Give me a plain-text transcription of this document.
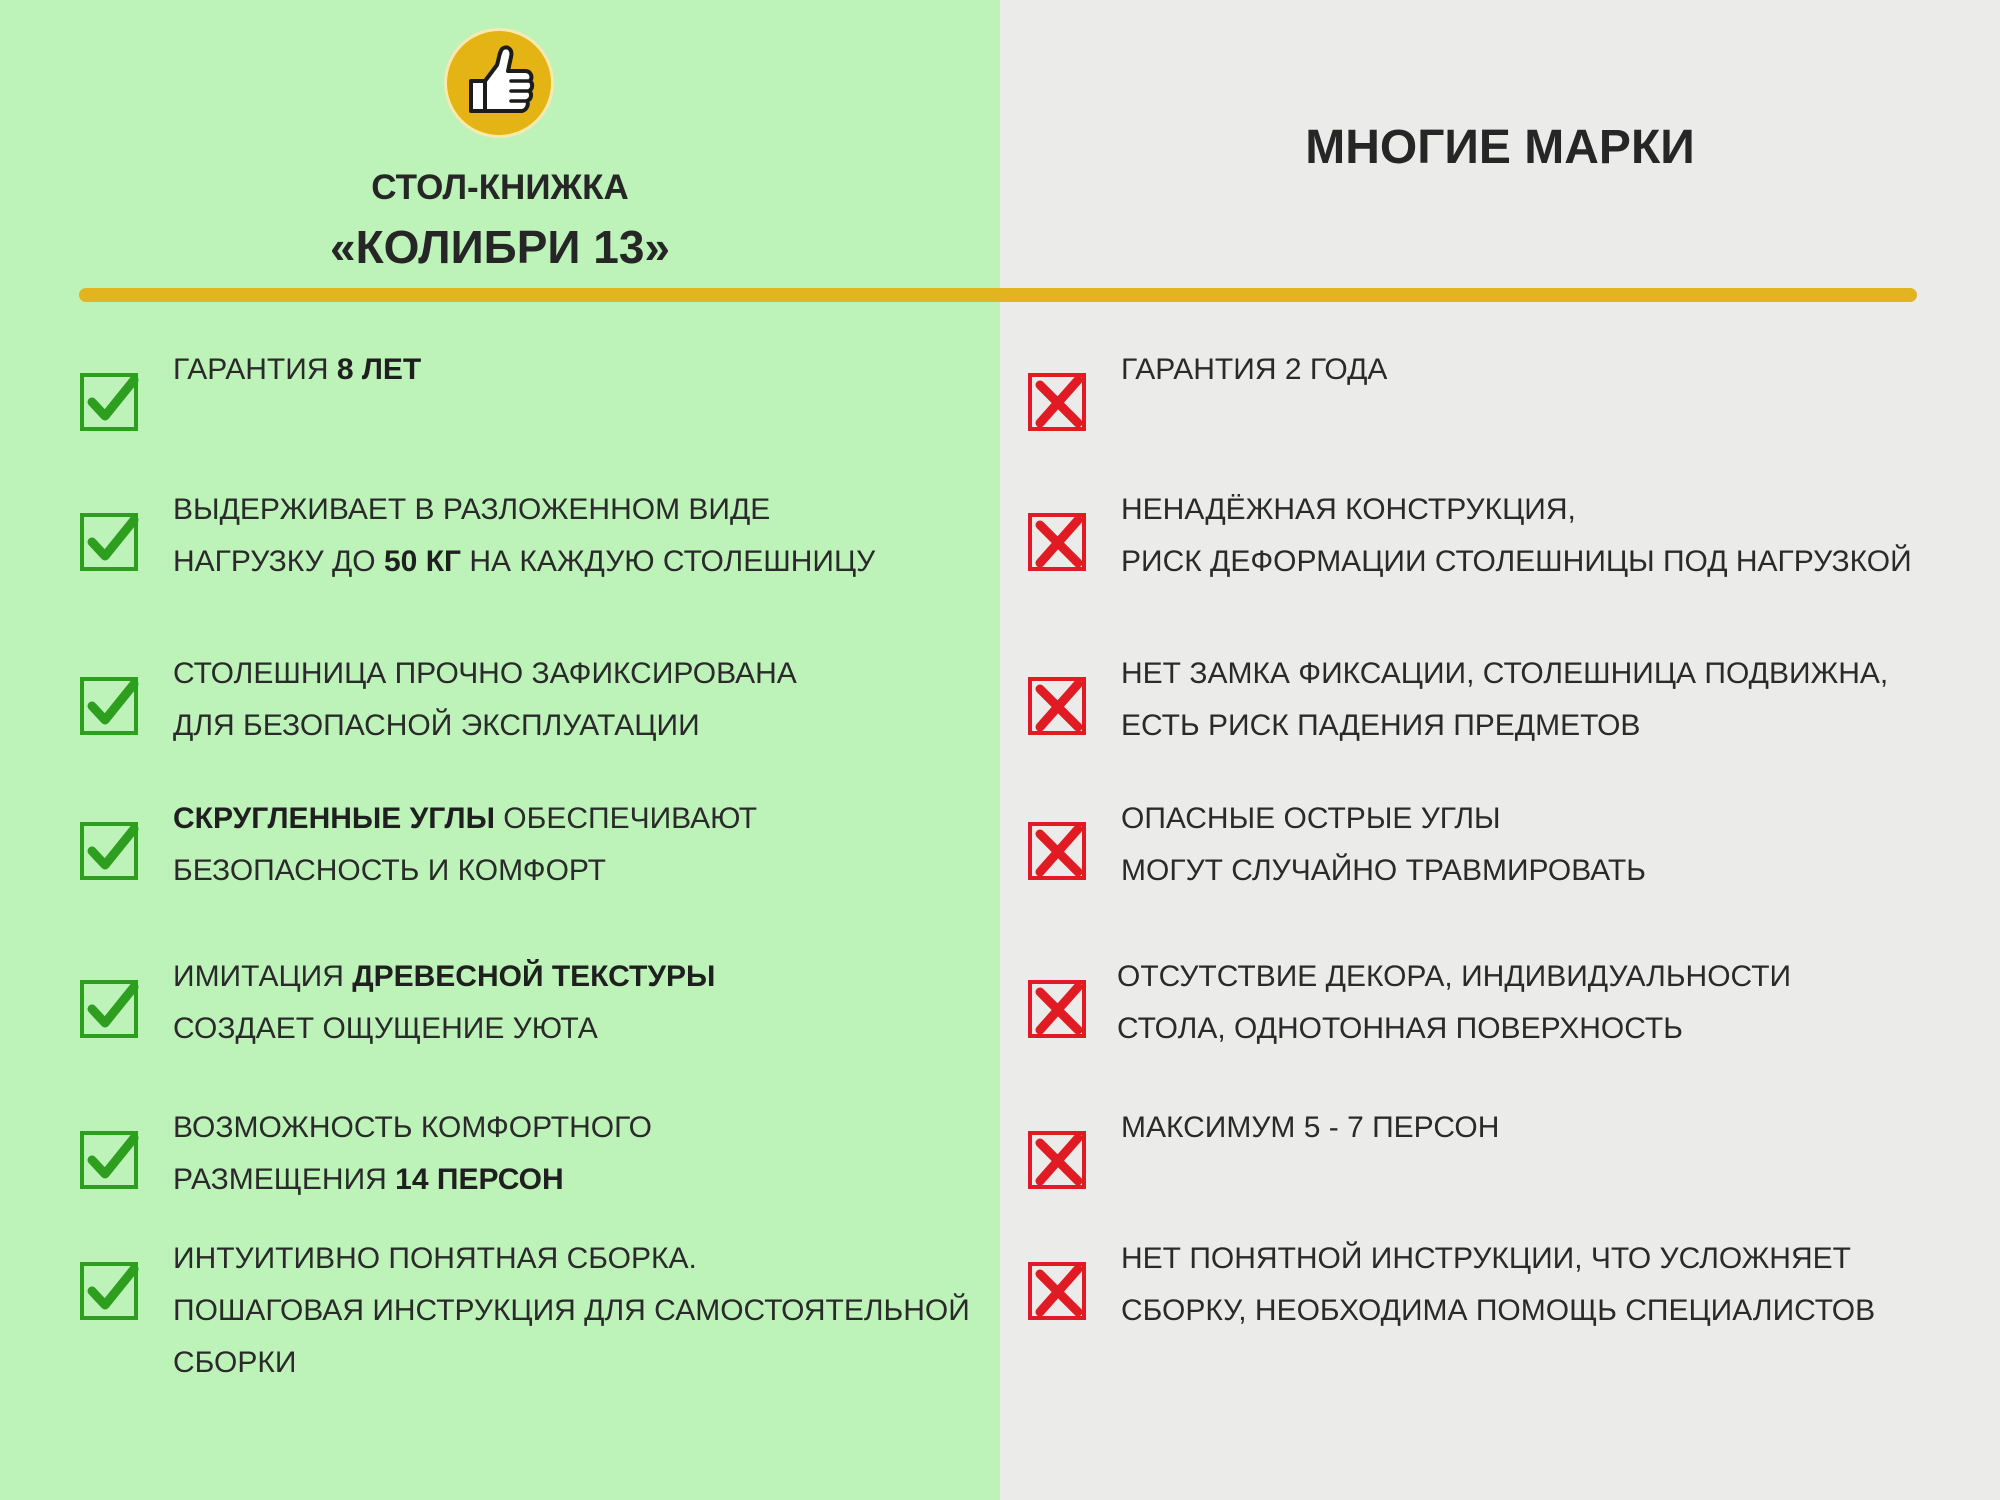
СТОЛ-КНИЖКА
«КОЛИБРИ 13»
МНОГИЕ МАРКИ
ГАРАНТИЯ 8 ЛЕТ
ВЫДЕРЖИВАЕТ В РАЗЛОЖЕННОМ ВИДЕ
НАГРУЗКУ ДО 50 КГ НА КАЖДУЮ СТОЛЕШНИЦУ
СТОЛЕШНИЦА ПРОЧНО ЗАФИКСИРОВАНА
ДЛЯ БЕЗОПАСНОЙ ЭКСПЛУАТАЦИИ
СКРУГЛЕННЫЕ УГЛЫ ОБЕСПЕЧИВАЮТ
БЕЗОПАСНОСТЬ И КОМФОРТ
ИМИТАЦИЯ ДРЕВЕСНОЙ ТЕКСТУРЫ
СОЗДАЕТ ОЩУЩЕНИЕ УЮТА
ВОЗМОЖНОСТЬ КОМФОРТНОГО
РАЗМЕЩЕНИЯ 14 ПЕРСОН
ИНТУИТИВНО ПОНЯТНАЯ СБОРКА.
ПОШАГОВАЯ ИНСТРУКЦИЯ ДЛЯ САМОСТОЯТЕЛЬНОЙ
СБОРКИ
ГАРАНТИЯ 2 ГОДА
НЕНАДЁЖНАЯ КОНСТРУКЦИЯ,
РИСК ДЕФОРМАЦИИ СТОЛЕШНИЦЫ ПОД НАГРУЗКОЙ
НЕТ ЗАМКА ФИКСАЦИИ, СТОЛЕШНИЦА ПОДВИЖНА,
ЕСТЬ РИСК ПАДЕНИЯ ПРЕДМЕТОВ
ОПАСНЫЕ ОСТРЫЕ УГЛЫ
МОГУТ СЛУЧАЙНО ТРАВМИРОВАТЬ
ОТСУТСТВИЕ ДЕКОРА, ИНДИВИДУАЛЬНОСТИ
СТОЛА, ОДНОТОННАЯ ПОВЕРХНОСТЬ
МАКСИМУМ 5 - 7 ПЕРСОН
НЕТ ПОНЯТНОЙ ИНСТРУКЦИИ, ЧТО УСЛОЖНЯЕТ
СБОРКУ, НЕОБХОДИМА ПОМОЩЬ СПЕЦИАЛИСТОВ
